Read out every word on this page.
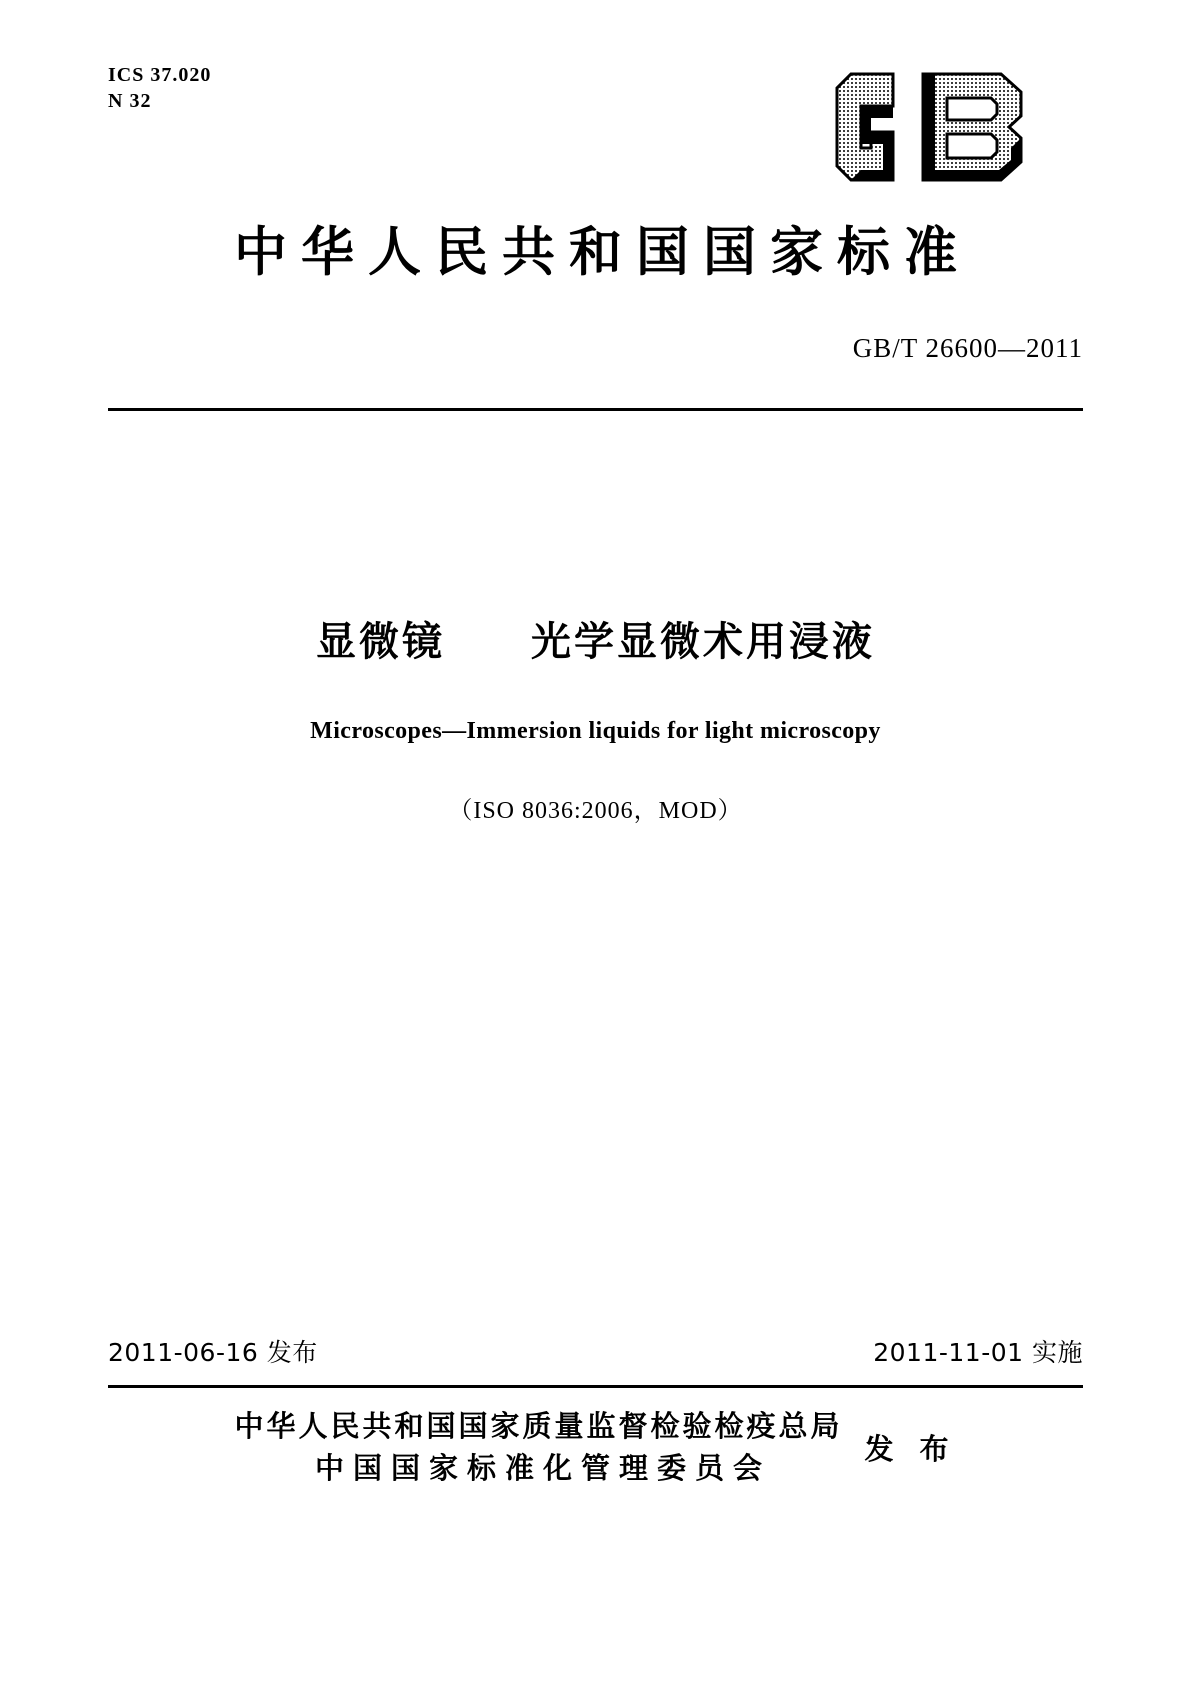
ICS 37.020
N 32
中华人民共和国国家标准
GB/T 26600—2011
显微镜　　光学显微术用浸液
Microscopes—Immersion liquids for light microscopy
（ISO 8036:2006，MOD）
2011-06-16 发布	2011-11-01 实施
中华人民共和国国家质量监督检验检疫总局
中国国家标准化管理委员会
发 布
